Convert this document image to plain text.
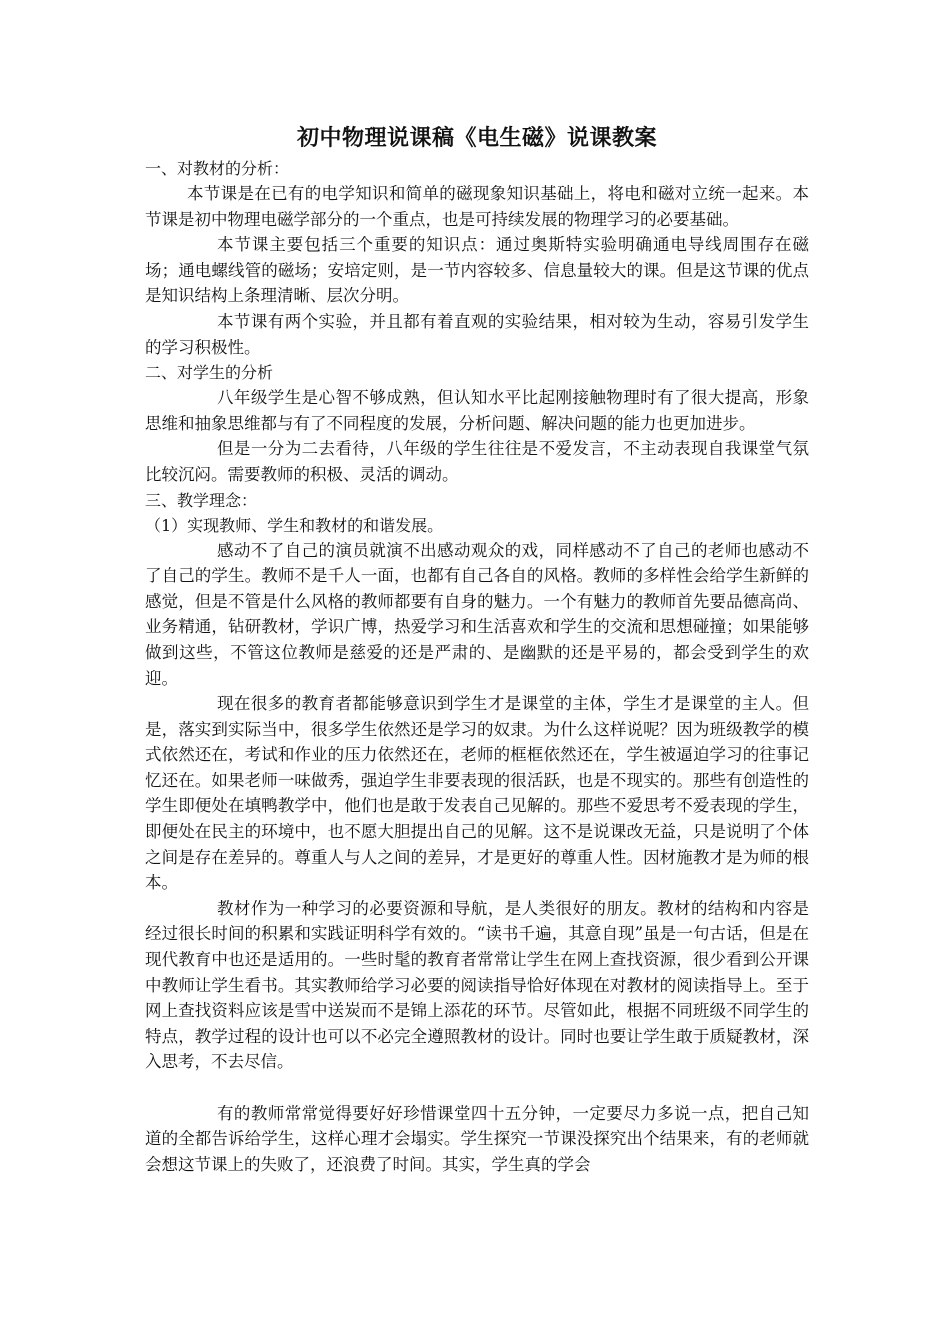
初中物理说课稿《电生磁》说课教案

一、对教材的分析：

本节课是在已有的电学知识和简单的磁现象知识基础上，将电和磁对立统一起来。本节课是初中物理电磁学部分的一个重点，也是可持续发展的物理学习的必要基础。

本节课主要包括三个重要的知识点：通过奥斯特实验明确通电导线周围存在磁场；通电螺线管的磁场；安培定则，是一节内容较多、信息量较大的课。但是这节课的优点是知识结构上条理清晰、层次分明。

本节课有两个实验，并且都有着直观的实验结果，相对较为生动，容易引发学生的学习积极性。

二、对学生的分析

八年级学生是心智不够成熟，但认知水平比起刚接触物理时有了很大提高，形象思维和抽象思维都与有了不同程度的发展，分析问题、解决问题的能力也更加进步。

但是一分为二去看待，八年级的学生往往是不爱发言，不主动表现自我课堂气氛比较沉闷。需要教师的积极、灵活的调动。

三、教学理念：

（1）实现教师、学生和教材的和谐发展。

感动不了自己的演员就演不出感动观众的戏，同样感动不了自己的老师也感动不了自己的学生。教师不是千人一面，也都有自己各自的风格。教师的多样性会给学生新鲜的感觉，但是不管是什么风格的教师都要有自身的魅力。一个有魅力的教师首先要品德高尚、业务精通，钻研教材，学识广博，热爱学习和生活喜欢和学生的交流和思想碰撞；如果能够做到这些，不管这位教师是慈爱的还是严肃的、是幽默的还是平易的，都会受到学生的欢迎。

现在很多的教育者都能够意识到学生才是课堂的主体，学生才是课堂的主人。但是，落实到实际当中，很多学生依然还是学习的奴隶。为什么这样说呢？因为班级教学的模式依然还在，考试和作业的压力依然还在，老师的框框依然还在，学生被逼迫学习的往事记忆还在。如果老师一味做秀，强迫学生非要表现的很活跃，也是不现实的。那些有创造性的学生即便处在填鸭教学中，他们也是敢于发表自己见解的。那些不爱思考不爱表现的学生，即便处在民主的环境中，也不愿大胆提出自己的见解。这不是说课改无益，只是说明了个体之间是存在差异的。尊重人与人之间的差异，才是更好的尊重人性。因材施教才是为师的根本。

教材作为一种学习的必要资源和导航，是人类很好的朋友。教材的结构和内容是经过很长时间的积累和实践证明科学有效的。“读书千遍，其意自现”虽是一句古话，但是在现代教育中也还是适用的。一些时髦的教育者常常让学生在网上查找资源，很少看到公开课中教师让学生看书。其实教师给学习必要的阅读指导恰好体现在对教材的阅读指导上。至于网上查找资料应该是雪中送炭而不是锦上添花的环节。尽管如此，根据不同班级不同学生的特点，教学过程的设计也可以不必完全遵照教材的设计。同时也要让学生敢于质疑教材，深入思考，不去尽信。

有的教师常常觉得要好好珍惜课堂四十五分钟，一定要尽力多说一点，把自己知道的全都告诉给学生，这样心理才会塌实。学生探究一节课没探究出个结果来，有的老师就会想这节课上的失败了，还浪费了时间。其实，学生真的学会
